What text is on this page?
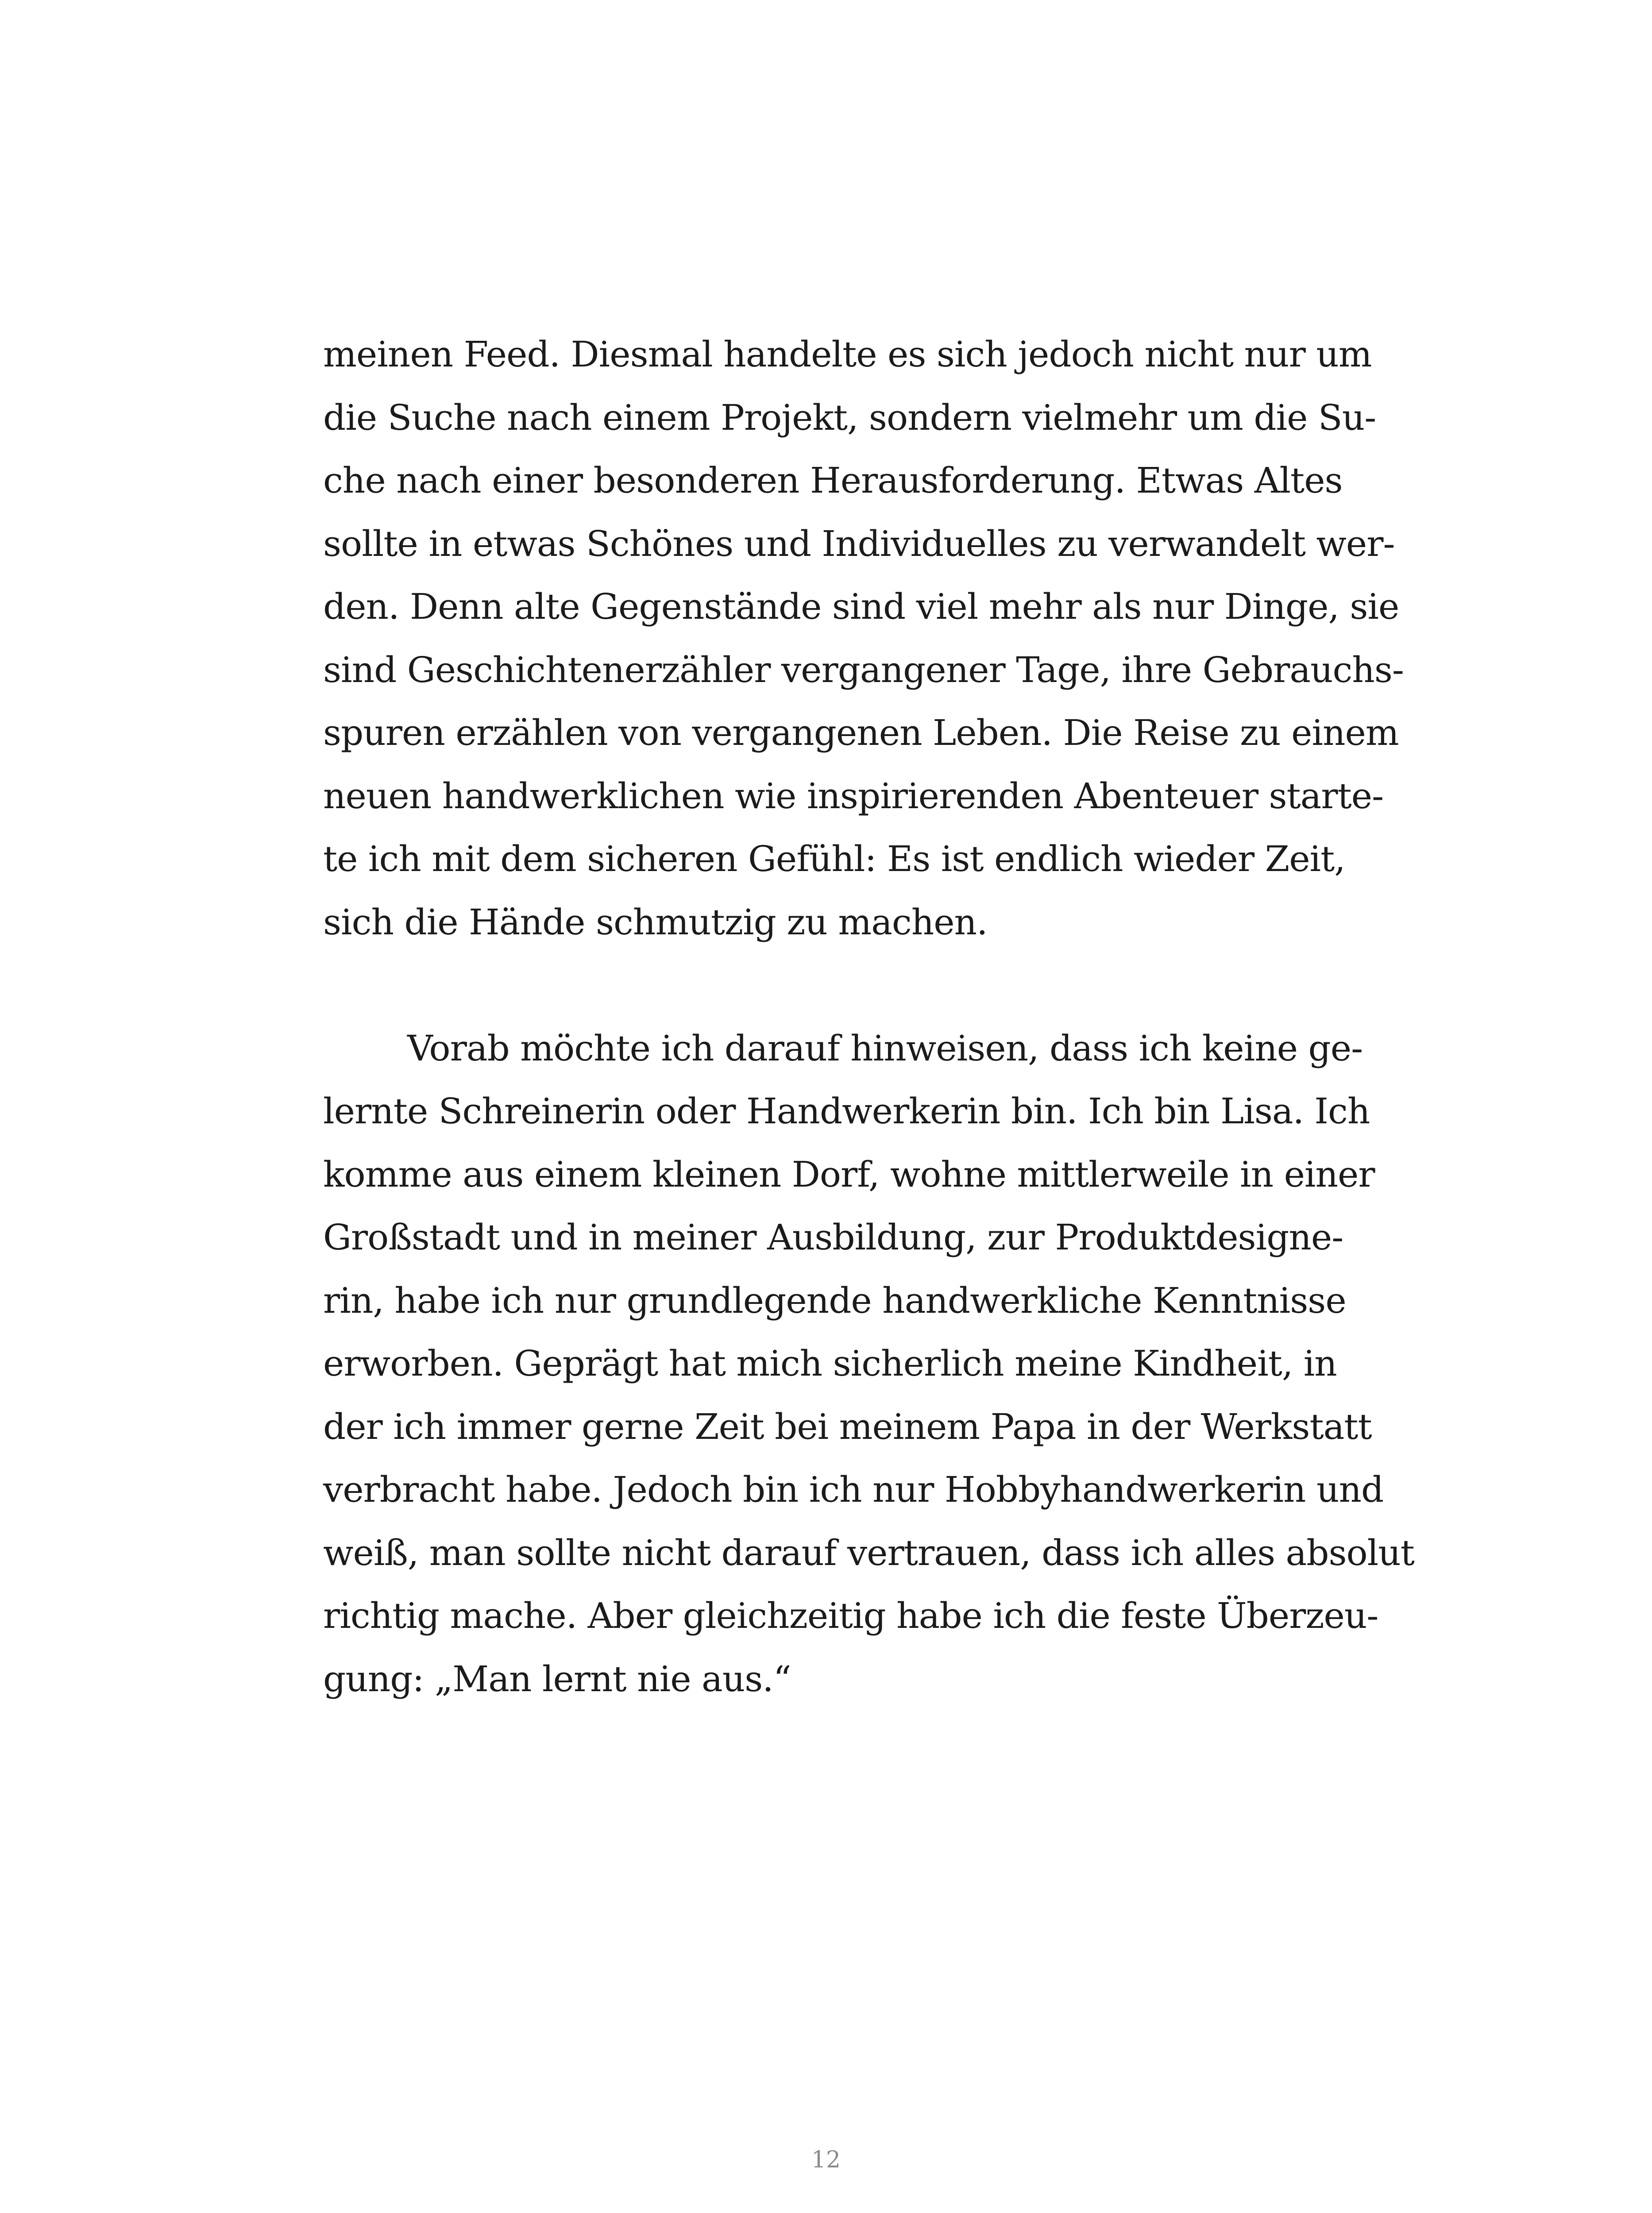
meinen Feed. Diesmal handelte es sich jedoch nicht nur um
die Suche nach einem Projekt, sondern vielmehr um die Su-
che nach einer besonderen Herausforderung. Etwas Altes
sollte in etwas Schönes und Individuelles zu verwandelt wer-
den. Denn alte Gegenstände sind viel mehr als nur Dinge, sie
sind Geschichtenerzähler vergangener Tage, ihre Gebrauchs-
spuren erzählen von vergangenen Leben. Die Reise zu einem
neuen handwerklichen wie inspirierenden Abenteuer starte-
te ich mit dem sicheren Gefühl: Es ist endlich wieder Zeit,
sich die Hände schmutzig zu machen.
Vorab möchte ich darauf hinweisen, dass ich keine ge-
lernte Schreinerin oder Handwerkerin bin. Ich bin Lisa. Ich
komme aus einem kleinen Dorf, wohne mittlerweile in einer
Großstadt und in meiner Ausbildung, zur Produktdesigne-
rin, habe ich nur grundlegende handwerkliche Kenntnisse
erworben. Geprägt hat mich sicherlich meine Kindheit, in
der ich immer gerne Zeit bei meinem Papa in der Werkstatt
verbracht habe. Jedoch bin ich nur Hobbyhandwerkerin und
weiß, man sollte nicht darauf vertrauen, dass ich alles absolut
richtig mache. Aber gleichzeitig habe ich die feste Überzeu-
gung: „Man lernt nie aus.“
12
